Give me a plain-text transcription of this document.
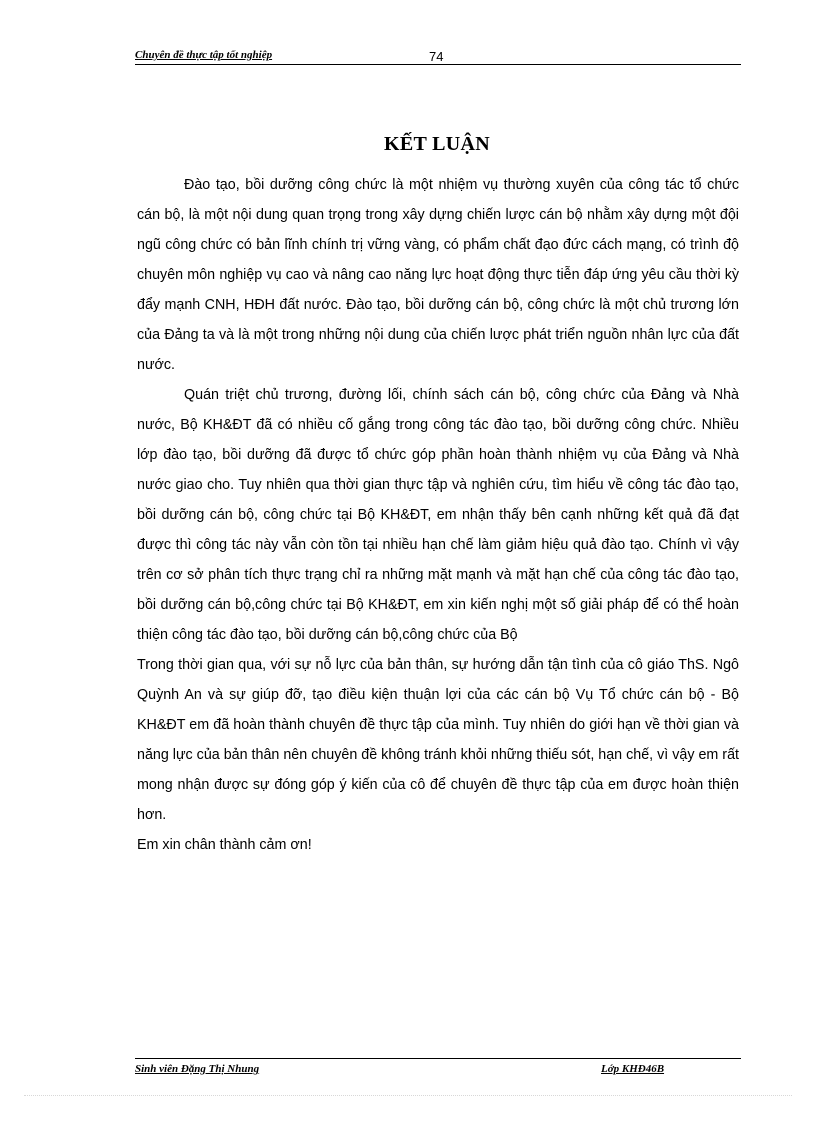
Chuyên đề thực tập tốt nghiệp	74
KẾT LUẬN

Đào tạo, bồi dưỡng công chức là một nhiệm vụ thường xuyên của công tác tổ chức cán bộ, là một nội dung quan trọng trong xây dựng chiến lược cán bộ nhằm xây dựng một đội ngũ công chức có bản lĩnh chính trị vững vàng, có phẩm chất đạo đức cách mạng, có trình độ chuyên môn nghiệp vụ cao và nâng cao năng lực hoạt động thực tiễn đáp ứng yêu cầu thời kỳ đẩy mạnh CNH, HĐH đất nước. Đào tạo, bồi dưỡng cán bộ, công chức là một chủ trương lớn của Đảng ta và là một trong những nội dung của chiến lược phát triển nguồn nhân lực của đất nước.

Quán triệt chủ trương, đường lối, chính sách cán bộ, công chức của Đảng và Nhà nước, Bộ KH&ĐT đã có nhiều cố gắng trong công tác đào tạo, bồi dưỡng công chức. Nhiều lớp đào tạo, bồi dưỡng đã được tổ chức góp phần hoàn thành nhiệm vụ của Đảng và Nhà nước giao cho. Tuy nhiên qua thời gian thực tập và nghiên cứu, tìm hiểu về công tác đào tạo, bồi dưỡng cán bộ, công chức tại Bộ KH&ĐT, em nhận thấy bên cạnh những kết quả đã đạt được thì công tác này vẫn còn tồn tại nhiều hạn chế làm giảm hiệu quả đào tạo. Chính vì vậy trên cơ sở phân tích thực trạng chỉ ra những mặt mạnh và mặt hạn chế của công tác đào tạo, bồi dưỡng cán bộ,công chức tại Bộ KH&ĐT, em xin kiến nghị một số giải pháp để có thể hoàn thiện công tác đào tạo, bồi dưỡng cán bộ,công chức của Bộ

Trong thời gian qua, với sự nỗ lực của bản thân, sự hướng dẫn tận tình của cô giáo ThS. Ngô Quỳnh An và sự giúp đỡ, tạo điều kiện thuận lợi của các cán bộ Vụ Tổ chức cán bộ - Bộ KH&ĐT em đã hoàn thành chuyên đề thực tập của mình. Tuy nhiên do giới hạn về thời gian và năng lực của bản thân nên chuyên đề không tránh khỏi những thiếu sót, hạn chế, vì vậy em rất mong nhận được sự đóng góp ý kiến của cô để chuyên đề thực tập của em được hoàn thiện hơn.

Em xin chân thành cảm ơn!

Sinh viên Đặng Thị Nhung	Lớp KHĐ46B
